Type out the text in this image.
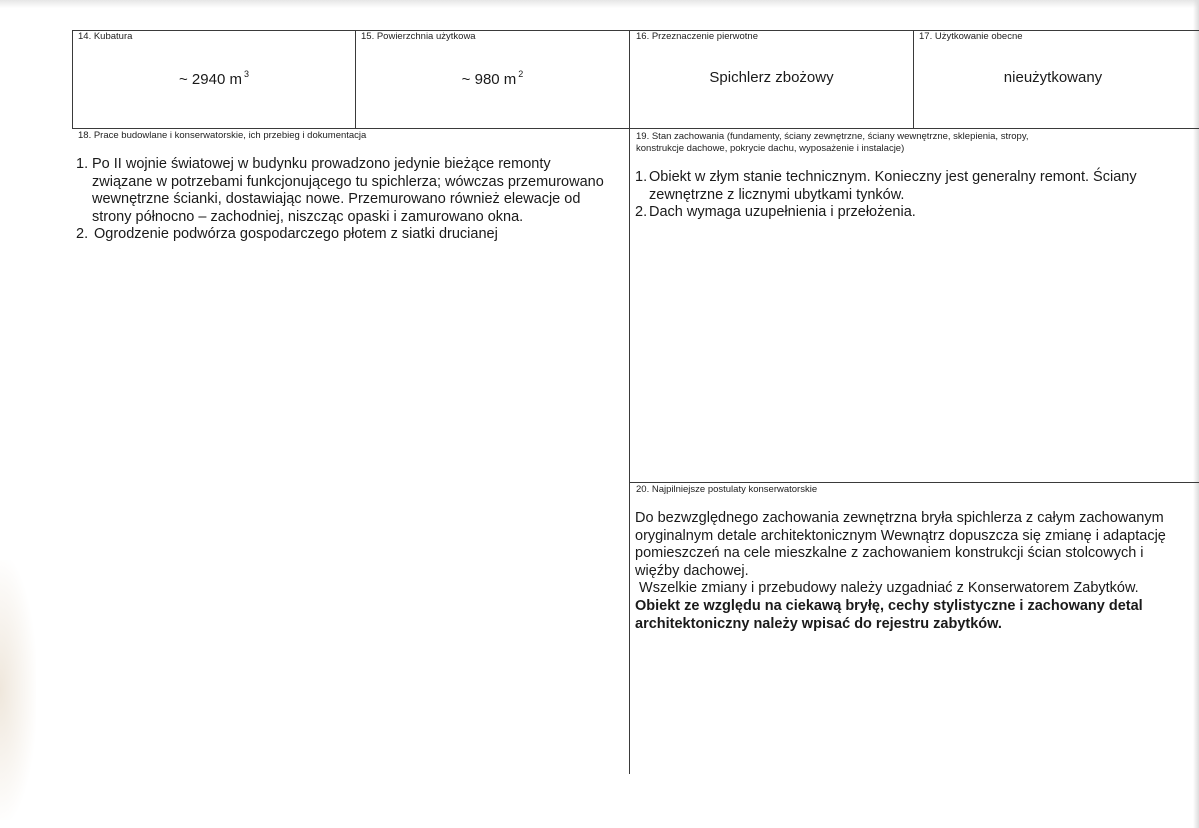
14. Kubatura
~ 2940 m $^3$
15. Powierzchnia użytkowa
~ 980 m $^2$
16. Przeznaczenie pierwotne
Spichlerz zbożowy
17. Użytkowanie obecne
nieużytkowany
18. Prace budowlane i konserwatorskie, ich przebieg i dokumentacja
1. Po II wojnie światowej w budynku prowadzono jedynie bieżące remonty związane w potrzebami funkcjonującego tu spichlerza; wówczas przemurowano wewnętrzne ścianki, dostawiając nowe. Przemurowano również elewacje od strony północno – zachodniej, niszcząc opaski i zamurowano okna.
2. Ogrodzenie podwórza gospodarczego płotem z siatki drucianej
19. Stan zachowania (fundamenty, ściany zewnętrzne, ściany wewnętrzne, sklepienia, stropy,
konstrukcje dachowe, pokrycie dachu, wyposażenie i instalacje)
1. Obiekt w złym stanie technicznym. Konieczny jest generalny remont. Ściany zewnętrzne z licznymi ubytkami tynków.
2. Dach wymaga uzupełnienia i przełożenia.
20. Najpilniejsze postulaty konserwatorskie
Do bezwzględnego zachowania zewnętrzna bryła spichlerza z całym zachowanym oryginalnym detale architektonicznym Wewnątrz dopuszcza się zmianę i adaptację pomieszczeń na cele mieszkalne z zachowaniem konstrukcji ścian stolcowych i więźby dachowej.
Wszelkie zmiany i przebudowy należy uzgadniać z Konserwatorem Zabytków.
Obiekt ze względu na ciekawą bryłę, cechy stylistyczne i zachowany detal architektoniczny należy wpisać do rejestru zabytków.
